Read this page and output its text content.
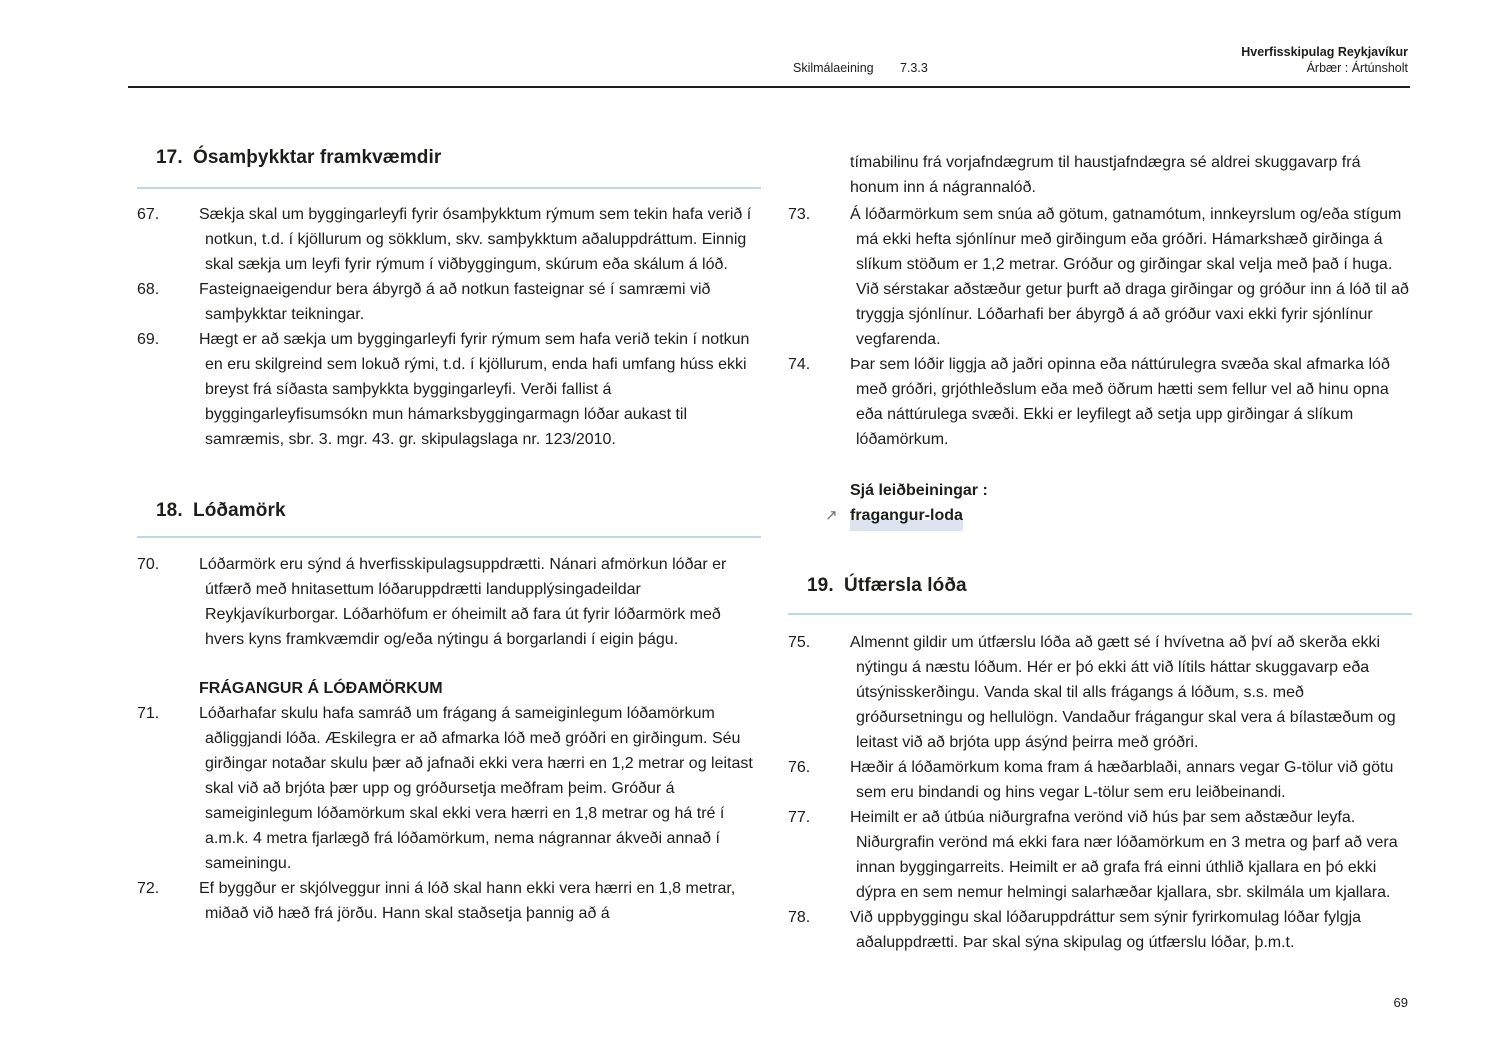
Skilmálaeining 7.3.3
Hverfisskipulag Reykjavíkur
Árbær : Ártúnsholt
17. Ósamþykktar framkvæmdir
67.	Sækja skal um byggingarleyfi fyrir ósamþykktum rýmum sem tekin hafa verið í notkun, t.d. í kjöllurum og sökklum, skv. samþykktum aðaluppdráttum. Einnig skal sækja um leyfi fyrir rýmum í viðbyggingum, skúrum eða skálum á lóð.
68.	Fasteignaeigendur bera ábyrgð á að notkun fasteignar sé í samræmi við samþykktar teikningar.
69.	Hægt er að sækja um byggingarleyfi fyrir rýmum sem hafa verið tekin í notkun en eru skilgreind sem lokuð rými, t.d. í kjöllurum, enda hafi umfang húss ekki breyst frá síðasta samþykkta byggingarleyfi. Verði fallist á byggingarleyfisumsókn mun hámarksbyggingarmagn lóðar aukast til samræmis, sbr. 3. mgr. 43. gr. skipulagslaga nr. 123/2010.
18. Lóðamörk
70.	Lóðarmörk eru sýnd á hverfisskipulagsuppdrætti. Nánari afmörkun lóðar er útfærð með hnitasettum lóðaruppdrætti landupplýsingadeildar Reykjavíkurborgar. Lóðarhöfum er óheimilt að fara út fyrir lóðarmörk með hvers kyns framkvæmdir og/eða nýtingu á borgarlandi í eigin þágu.
FRÁGANGUR Á LÓÐAMÖRKUM
71.	Lóðarhafar skulu hafa samráð um frágang á sameiginlegum lóðamörkum aðliggjandi lóða. Æskilegra er að afmarka lóð með gróðri en girðingum. Séu girðingar notaðar skulu þær að jafnaði ekki vera hærri en 1,2 metrar og leitast skal við að brjóta þær upp og gróðursetja meðfram þeim. Gróður á sameiginlegum lóðamörkum skal ekki vera hærri en 1,8 metrar og há tré í a.m.k. 4 metra fjarlægð frá lóðamörkum, nema nágrannar ákveði annað í sameiningu.
72.	Ef byggður er skjólveggur inni á lóð skal hann ekki vera hærri en 1,8 metrar, miðað við hæð frá jörðu. Hann skal staðsetja þannig að á
tímabilinu frá vorjafndægrum til haustjafndægra sé aldrei skuggavarp frá honum inn á nágrannalóð.
73.	Á lóðarmörkum sem snúa að götum, gatnamótum, innkeyrslum og/eða stígum má ekki hefta sjónlínur með girðingum eða gróðri. Hámarkshæð girðinga á slíkum stöðum er 1,2 metrar. Gróður og girðingar skal velja með það í huga. Við sérstakar aðstæður getur þurft að draga girðingar og gróður inn á lóð til að tryggja sjónlínur. Lóðarhafi ber ábyrgð á að gróður vaxi ekki fyrir sjónlínur vegfarenda.
74.	Þar sem lóðir liggja að jaðri opinna eða náttúrulegra svæða skal afmarka lóð með gróðri, grjóthleðslum eða með öðrum hætti sem fellur vel að hinu opna eða náttúrulega svæði. Ekki er leyfilegt að setja upp girðingar á slíkum lóðamörkum.
Sjá leiðbeiningar :
↗ fragangur-loda
19. Útfærsla lóða
75.	Almennt gildir um útfærslu lóða að gætt sé í hvívetna að því að skerða ekki nýtingu á næstu lóðum. Hér er þó ekki átt við lítils háttar skuggavarp eða útsýnisskerðingu. Vanda skal til alls frágangs á lóðum, s.s. með gróðursetningu og hellulögn. Vandaður frágangur skal vera á bílastæðum og leitast við að brjóta upp ásýnd þeirra með gróðri.
76.	Hæðir á lóðamörkum koma fram á hæðarblaði, annars vegar G-tölur við götu sem eru bindandi og hins vegar L-tölur sem eru leiðbeinandi.
77.	Heimilt er að útbúa niðurgrafna verönd við hús þar sem aðstæður leyfa. Niðurgrafin verönd má ekki fara nær lóðamörkum en 3 metra og þarf að vera innan byggingarreits. Heimilt er að grafa frá einni úthlið kjallara en þó ekki dýpra en sem nemur helmingi salarhæðar kjallara, sbr. skilmála um kjallara.
78.	Við uppbyggingu skal lóðaruppdráttur sem sýnir fyrirkomulag lóðar fylgja aðaluppdrætti. Þar skal sýna skipulag og útfærslu lóðar, þ.m.t.
69
